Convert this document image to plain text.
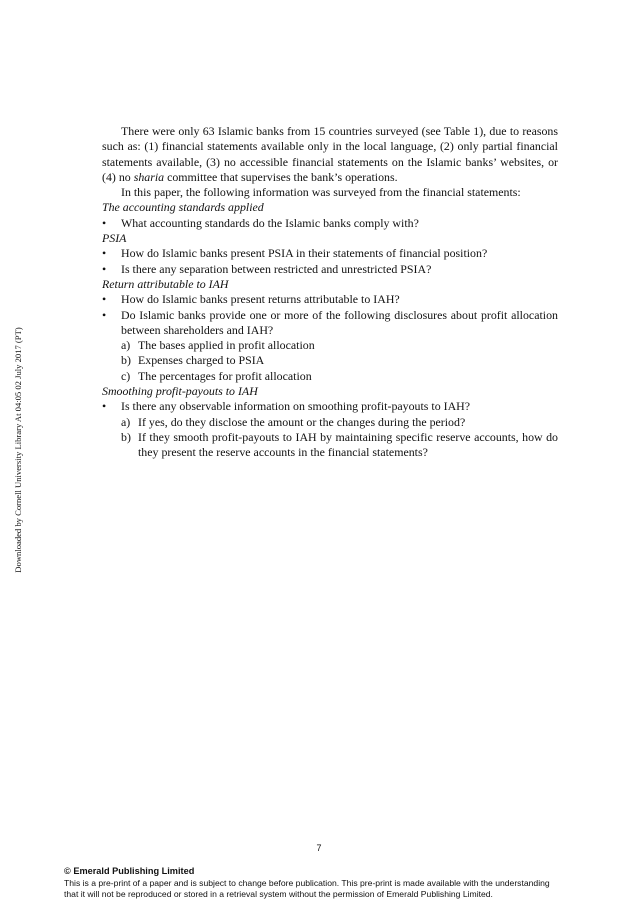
Downloaded by Cornell University Library At 04:05 02 July 2017 (PT)

There were only 63 Islamic banks from 15 countries surveyed (see Table 1), due to reasons such as: (1) financial statements available only in the local language, (2) only partial financial statements available, (3) no accessible financial statements on the Islamic banks’ websites, or (4) no sharia committee that supervises the bank’s operations.

In this paper, the following information was surveyed from the financial statements:

The accounting standards applied

• What accounting standards do the Islamic banks comply with?

PSIA

• How do Islamic banks present PSIA in their statements of financial position?

• Is there any separation between restricted and unrestricted PSIA?

Return attributable to IAH

• How do Islamic banks present returns attributable to IAH?

• Do Islamic banks provide one or more of the following disclosures about profit allocation between shareholders and IAH?

a) The bases applied in profit allocation

b) Expenses charged to PSIA

c) The percentages for profit allocation

Smoothing profit-payouts to IAH

• Is there any observable information on smoothing profit-payouts to IAH?

a) If yes, do they disclose the amount or the changes during the period?

b) If they smooth profit-payouts to IAH by maintaining specific reserve accounts, how do they present the reserve accounts in the financial statements?

7

© Emerald Publishing Limited

This is a pre-print of a paper and is subject to change before publication. This pre-print is made available with the understanding

that it will not be reproduced or stored in a retrieval system without the permission of Emerald Publishing Limited.
